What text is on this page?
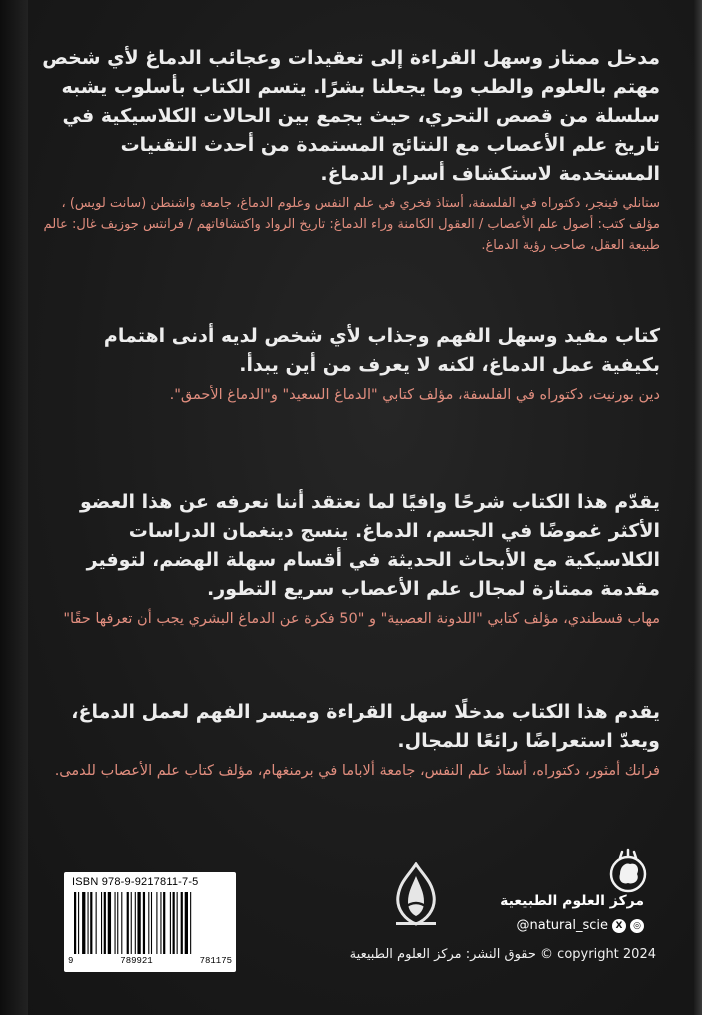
مدخل ممتاز وسهل القراءة إلى تعقيدات وعجائب الدماغ لأي شخص مهتم بالعلوم والطب وما يجعلنا بشرًا. يتسم الكتاب بأسلوب يشبه سلسلة من قصص التحري، حيث يجمع بين الحالات الكلاسيكية في تاريخ علم الأعصاب مع النتائج المستمدة من أحدث التقنيات المستخدمة لاستكشاف أسرار الدماغ.

ستانلي فينجر، دكتوراه في الفلسفة، أستاذ فخري في علم النفس وعلوم الدماغ، جامعة واشنطن (سانت لويس) ، مؤلف كتب: أصول علم الأعصاب / العقول الكامنة وراء الدماغ: تاريخ الرواد واكتشافاتهم / فرانتس جوزيف غال: عالم طبيعة العقل، صاحب رؤية الدماغ.

كتاب مفيد وسهل الفهم وجذاب لأي شخص لديه أدنى اهتمام بكيفية عمل الدماغ، لكنه لا يعرف من أين يبدأ.

دين بورنيت، دكتوراه في الفلسفة، مؤلف كتابي "الدماغ السعيد" و"الدماغ الأحمق".

يقدّم هذا الكتاب شرحًا وافيًا لما نعتقد أننا نعرفه عن هذا العضو الأكثر غموضًا في الجسم، الدماغ. ينسج دينغمان الدراسات الكلاسيكية مع الأبحاث الحديثة في أقسام سهلة الهضم، لتوفير مقدمة ممتازة لمجال علم الأعصاب سريع التطور.

مهاب قسطندي، مؤلف كتابي "اللدونة العصبية" و "50 فكرة عن الدماغ البشري يجب أن تعرفها حقًا"

يقدم هذا الكتاب مدخلًا سهل القراءة وميسر الفهم لعمل الدماغ، ويعدّ استعراضًا رائعًا للمجال.

فرانك أمثور، دكتوراه، أستاذ علم النفس، جامعة ألاباما في برمنغهام، مؤلف كتاب علم الأعصاب للدمى.

ISBN 978-9-9217811-7-5
9	789921	781175
مركز العلوم الطبيعية
@natural_scie X	◎
حقوق النشر: مركز العلوم الطبيعية © copyright 2024
